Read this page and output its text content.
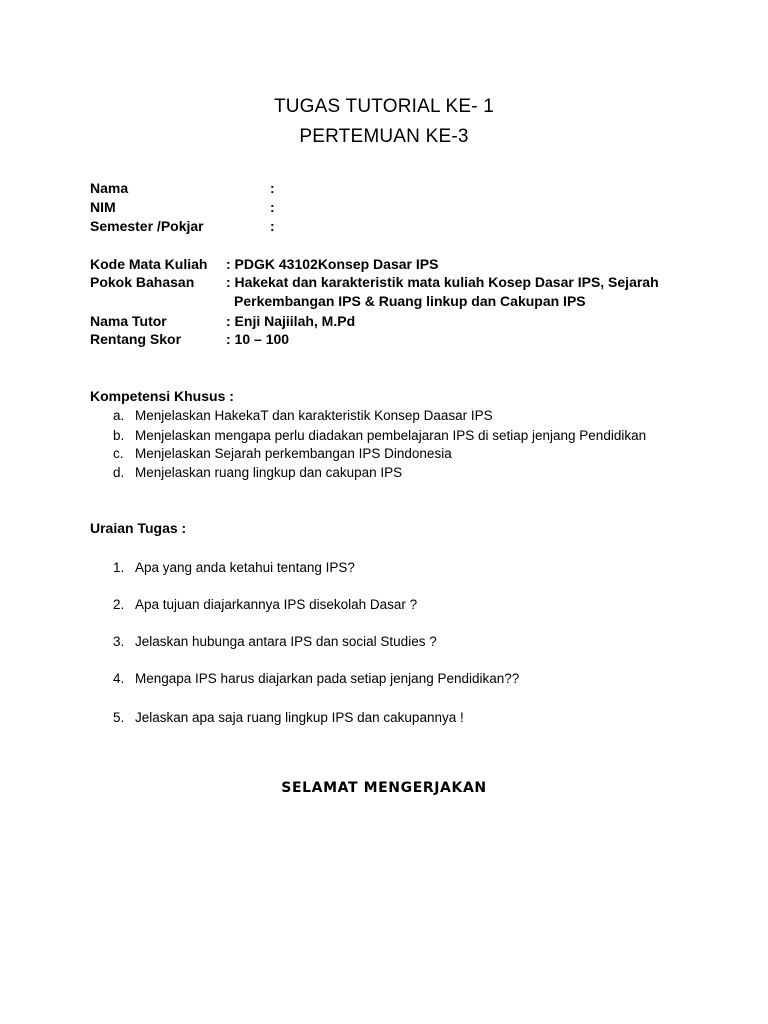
TUGAS TUTORIAL KE- 1
PERTEMUAN KE-3
Nama	:
NIM	:
Semester /Pokjar	:
Kode Mata Kuliah : PDGK 43102Konsep Dasar IPS
Pokok Bahasan : Hakekat dan karakteristik mata kuliah Kosep Dasar IPS, Sejarah
Perkembangan IPS & Ruang linkup dan Cakupan IPS
Nama Tutor	: Enji Najiilah, M.Pd
Rentang Skor	: 10 – 100
Kompetensi Khusus :
a. Menjelaskan HakekaT dan karakteristik Konsep Daasar IPS
b. Menjelaskan mengapa perlu diadakan pembelajaran IPS di setiap jenjang Pendidikan
c. Menjelaskan Sejarah perkembangan IPS Dindonesia
d. Menjelaskan ruang lingkup dan cakupan IPS
Uraian Tugas :
1. Apa yang anda ketahui tentang IPS?
2. Apa tujuan diajarkannya IPS disekolah Dasar ?
3. Jelaskan hubunga antara IPS dan social Studies ?
4. Mengapa IPS harus diajarkan pada setiap jenjang Pendidikan??
5. Jelaskan apa saja ruang lingkup IPS dan cakupannya !
SELAMAT MENGERJAKAN
